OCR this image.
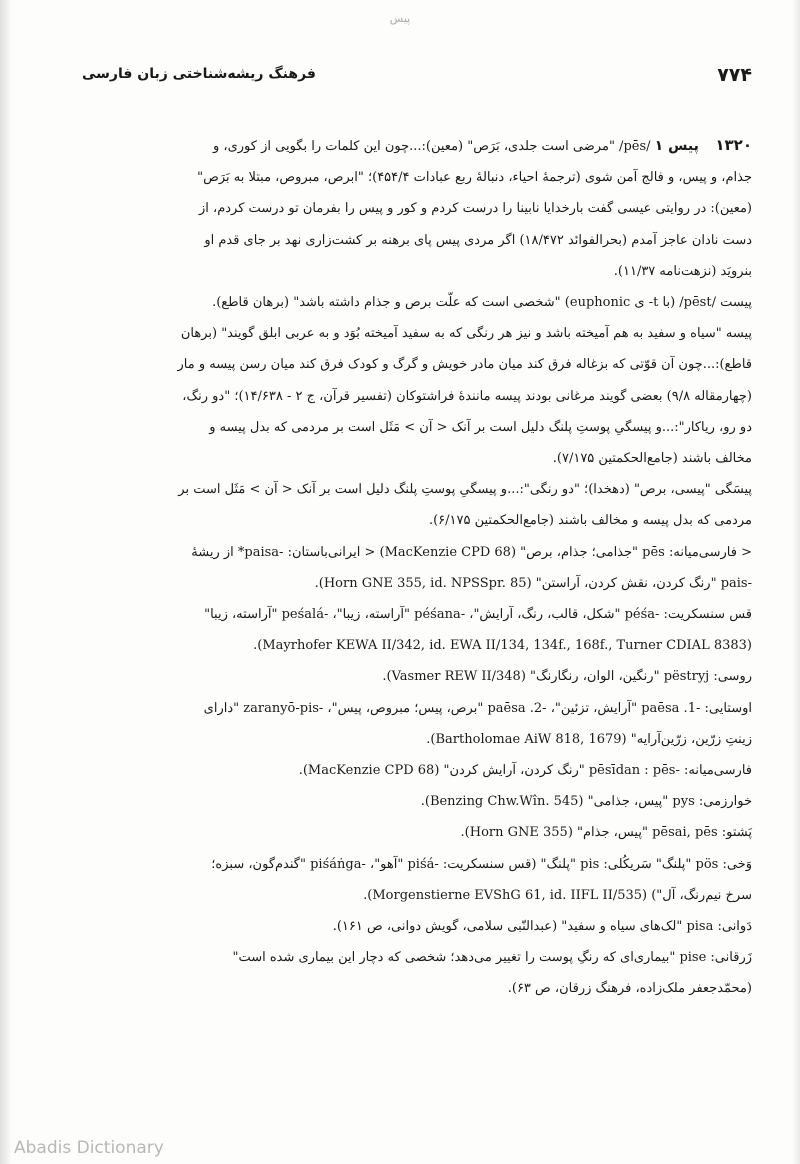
پیس
۷۷۴
فرهنگ ریشه‌شناختی زبان فارسی

۱۳۲۰    پیس ۱ /pēs/ "مرضی است جلدی، بَرَص" (معین):...چون این کلمات را بگویی از کوری، و

جذام، و پیس، و فالج آمن شوی (ترجمهٔ احیاء، دنبالهٔ ربع عبادات ۴۵۴/۴)؛ "ابرص، مبروص، مبتلا به بَرَص"

(معین): در روایتی عیسی گفت بارخدایا نابینا را درست کردم و کور و پیس را بفرمان تو درست کردم، از

دست نادان عاجز آمدم (بحرالفوائد ۱۸/۴۷۲) اگر مردی پیس پای برهنه بر کشت‌زاری نهد بر جای قدم او

بنرویَد (نزهت‌نامه ۱۱/۳۷).

پیست /pēst/ (با t- ی euphonic) "شخصی است که علّت برص و جذام داشته باشد" (برهان قاطع).

پیسه "سیاه و سفید به هم آمیخته باشد و نیز هر رنگی که به سفید آمیخته بُوَد و به عربی ابلق گویند" (برهان

قاطع):...چون آن قوّتی که بزغاله فرق کند میان مادر خویش و گرگ و کودک فرق کند میان رسن پیسه و مار

(چهارمقاله ۹/۸) بعضی گویند مرغانی بودند پیسه مانندهٔ فراشتوکان (تفسیر قرآن، ج ۲ - ۱۴/۶۳۸)؛ "دو رنگ،

دو رو، ریاکار":...و پیسگیِ پوستِ پلنگ دلیل است بر آنک < آن > مَثَل است بر مردمی که بدل پیسه و

مخالف باشند (جامع‌الحکمتین ۷/۱۷۵).

پیسَگی "پیسی، برص" (دهخدا)؛ "دو رنگی":...و پیسگیِ پوستِ پلنگ دلیل است بر آنک < آن > مَثَل است بر

مردمی که بدل پیسه و مخالف باشند (جامع‌الحکمتین ۶/۱۷۵).

< فارسی‌میانه: pēs "جذامی؛ جذام، برص" (MacKenzie CPD 68) < ایرانی‌باستان: -paisa* از ریشهٔ

-pais "رنگ کردن، نقش کردن، آراستن" (Horn GNE 355, id. NPSSpr. 85).

قس سنسکریت: -péśa "شکل، قالب، رنگ، آرایش"، -péśana "آراسته، زیبا"، -peśalá "آراسته، زیبا"

(Mayrhofer KEWA II/342, id. EWA II/134, 134f., 168f., Turner CDIAL 8383).

روسی: pëstryj "رنگین، الوان، رنگارنگ" (Vasmer REW II/348).

اوستایی: -1. paēsa "آرایش، تزئین"، -2. paēsa "برص، پیس؛ مبروص، پیس"، -zaranyō-pis "دارای

زینتِ زرّین، زرّین‌آرایه" (Bartholomae AiW 818, 1679).

فارسی‌میانه: -pēsīdan : pēs "رنگ کردن، آرایش کردن" (MacKenzie CPD 68).

خوارزمی: pys "پیس، جذامی" (Benzing Chw.Wîn. 545).

پَشتو: pēsai, pēs "پیس، جذام" (Horn GNE 355).

وَخی: pös "پلنگ" سَریکُلی: pis "پلنگ" (قس سنسکریت: -piśá "آهو"، -piśáṅga "گندم‌گون، سبزه؛

سرخ نیم‌رنگ، آل") (Morgenstierne EVShG 61, id. IIFL II/535).

دَوانی: pisa "لک‌های سیاه و سفید" (عبدالنّبی سلامی، گویش دوانی، ص ۱۶۱).

زَرقانی: pise "بیماری‌ای که رنگِ پوست را تغییر می‌دهد؛ شخصی که دچار این بیماری شده است"

(محمّدجعفر ملک‌زاده، فرهنگ زرقان، ص ۶۳).

Abadis Dictionary
